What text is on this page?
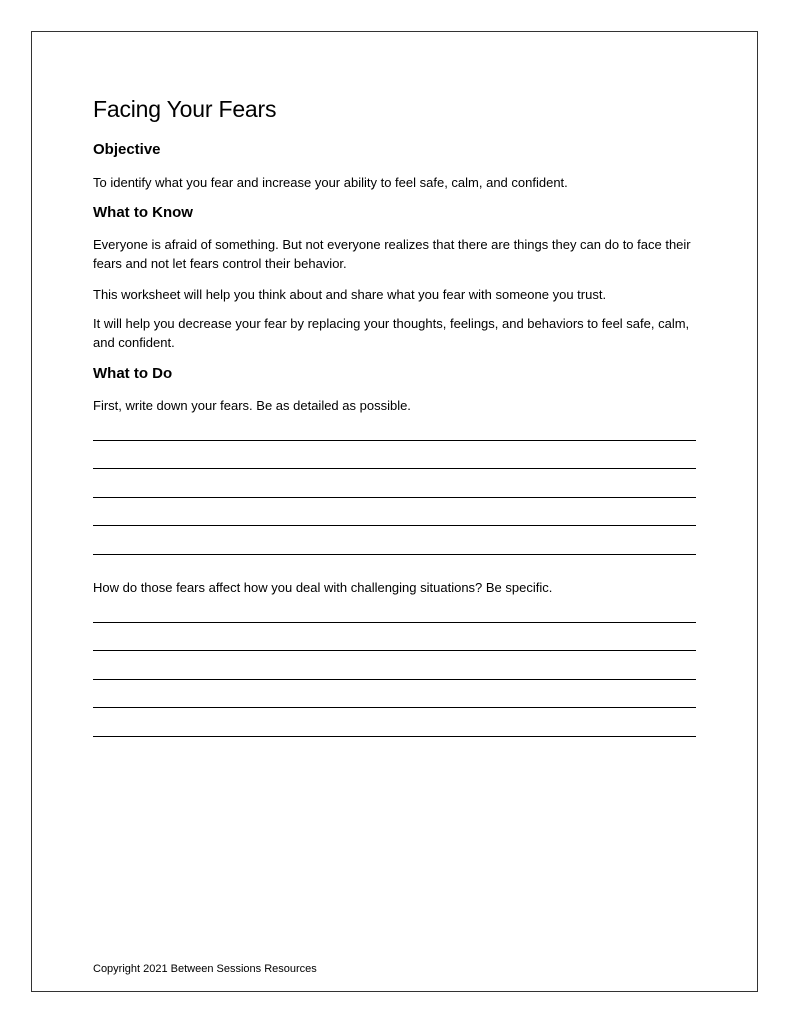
Facing Your Fears
Objective

To identify what you fear and increase your ability to feel safe, calm, and confident.

What to Know

Everyone is afraid of something. But not everyone realizes that there are things they can do to face their fears and not let fears control their behavior.

This worksheet will help you think about and share what you fear with someone you trust.

It will help you decrease your fear by replacing your thoughts, feelings, and behaviors to feel safe, calm, and confident.

What to Do

First, write down your fears. Be as detailed as possible.

How do those fears affect how you deal with challenging situations? Be specific.

Copyright 2021 Between Sessions Resources
